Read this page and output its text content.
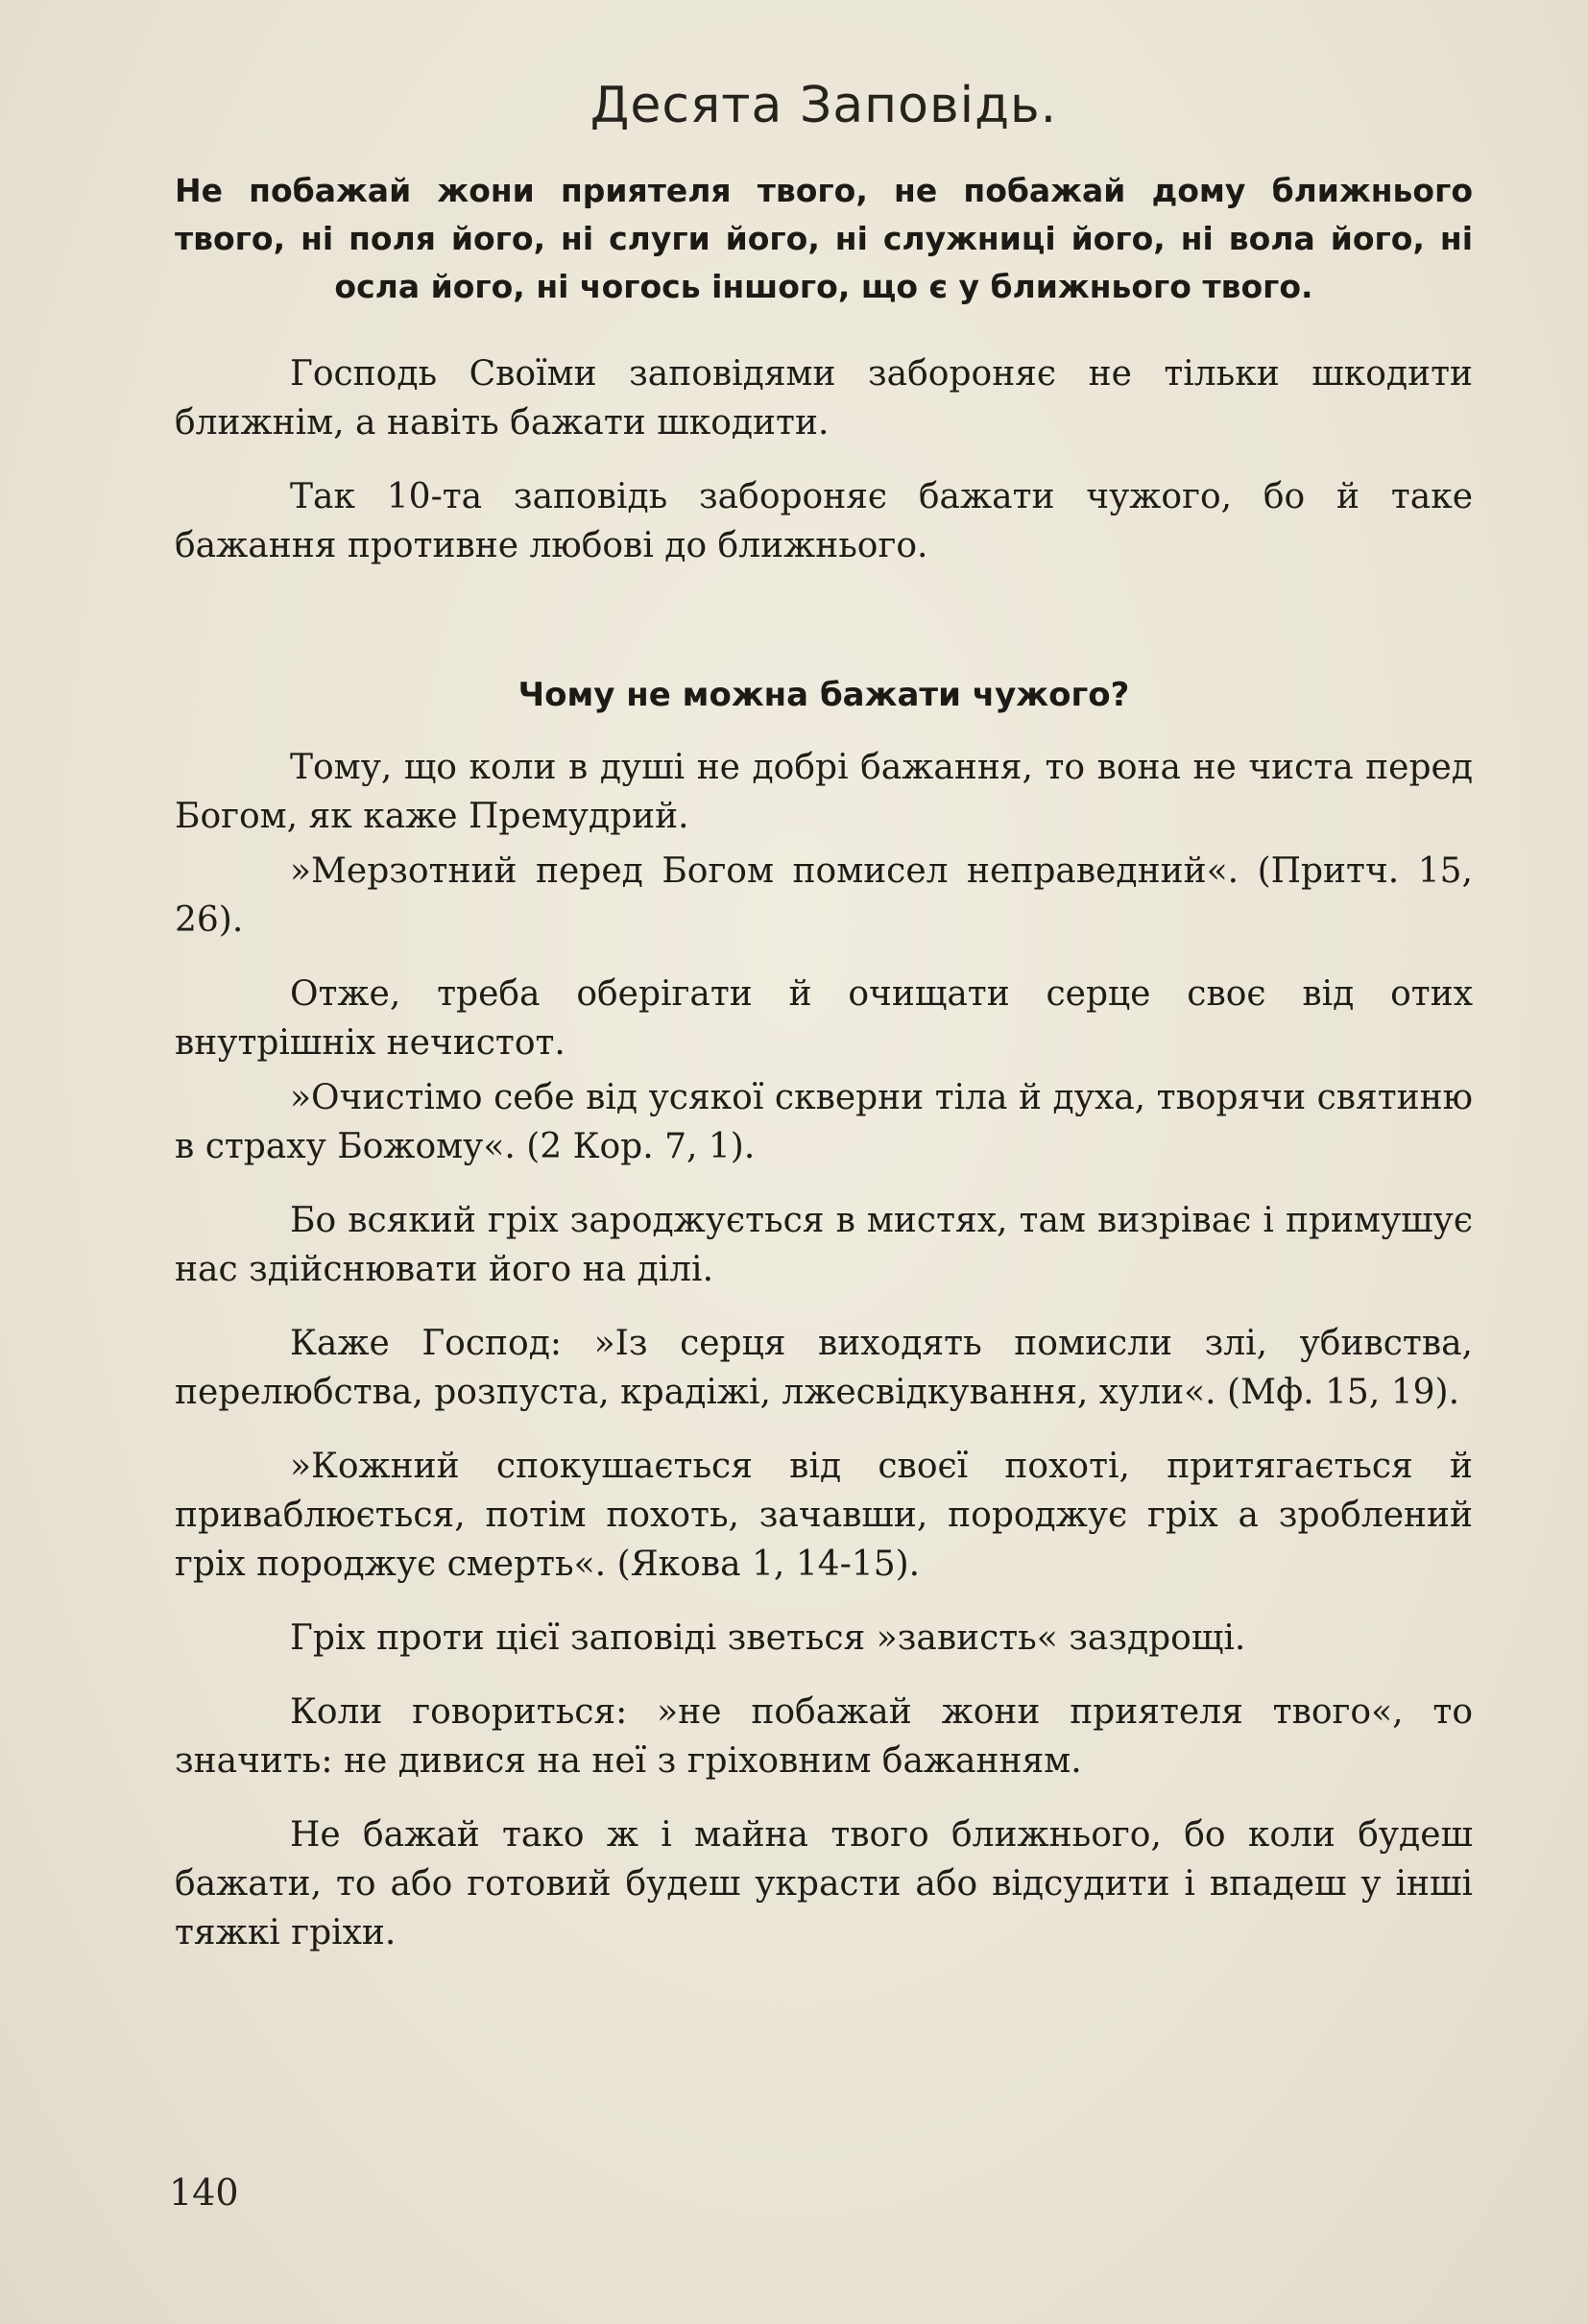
Десята Заповідь.

Не побажай жони приятеля твого, не побажай дому ближнього твого, ні поля його, ні слуги його, ні служниці його, ні вола його, ні осла його, ні чогось іншого, що є у ближнього твого.

Господь Своїми заповідями забороняє не тільки шкодити ближнім, а навіть бажати шкодити.

Так 10-та заповідь забороняє бажати чужого, бо й таке бажання противне любові до ближнього.

Чому не можна бажати чужого?

Тому, що коли в душі не добрі бажання, то вона не чиста перед Богом, як каже Премудрий.

»Мерзотний перед Богом помисел неправедний«. (Притч. 15, 26).

Отже, треба оберігати й очищати серце своє від отих внутрішніх нечистот.

»Очистімо себе від усякої скверни тіла й духа, творячи святиню в страху Божому«. (2 Кор. 7, 1).

Бо всякий гріх зароджується в мистях, там визріває і примушує нас здійснювати його на ділі.

Каже Господ: »Із серця виходять помисли злі, убивства, перелюбства, розпуста, крадіжі, лжесвідкування, хули«. (Мф. 15, 19).

»Кожний спокушається від своєї похоті, притягається й приваблюється, потім похоть, зачавши, породжує гріх а зроблений гріх породжує смерть«. (Якова 1, 14-15).

Гріх проти цієї заповіді зветься »зависть« заздрощі.

Коли говориться: »не побажай жони приятеля твого«, то значить: не дивися на неї з гріховним бажанням.

Не бажай тако ж і майна твого ближнього, бо коли будеш бажати, то або готовий будеш украсти або відсудити і впадеш у інші тяжкі гріхи.

140
